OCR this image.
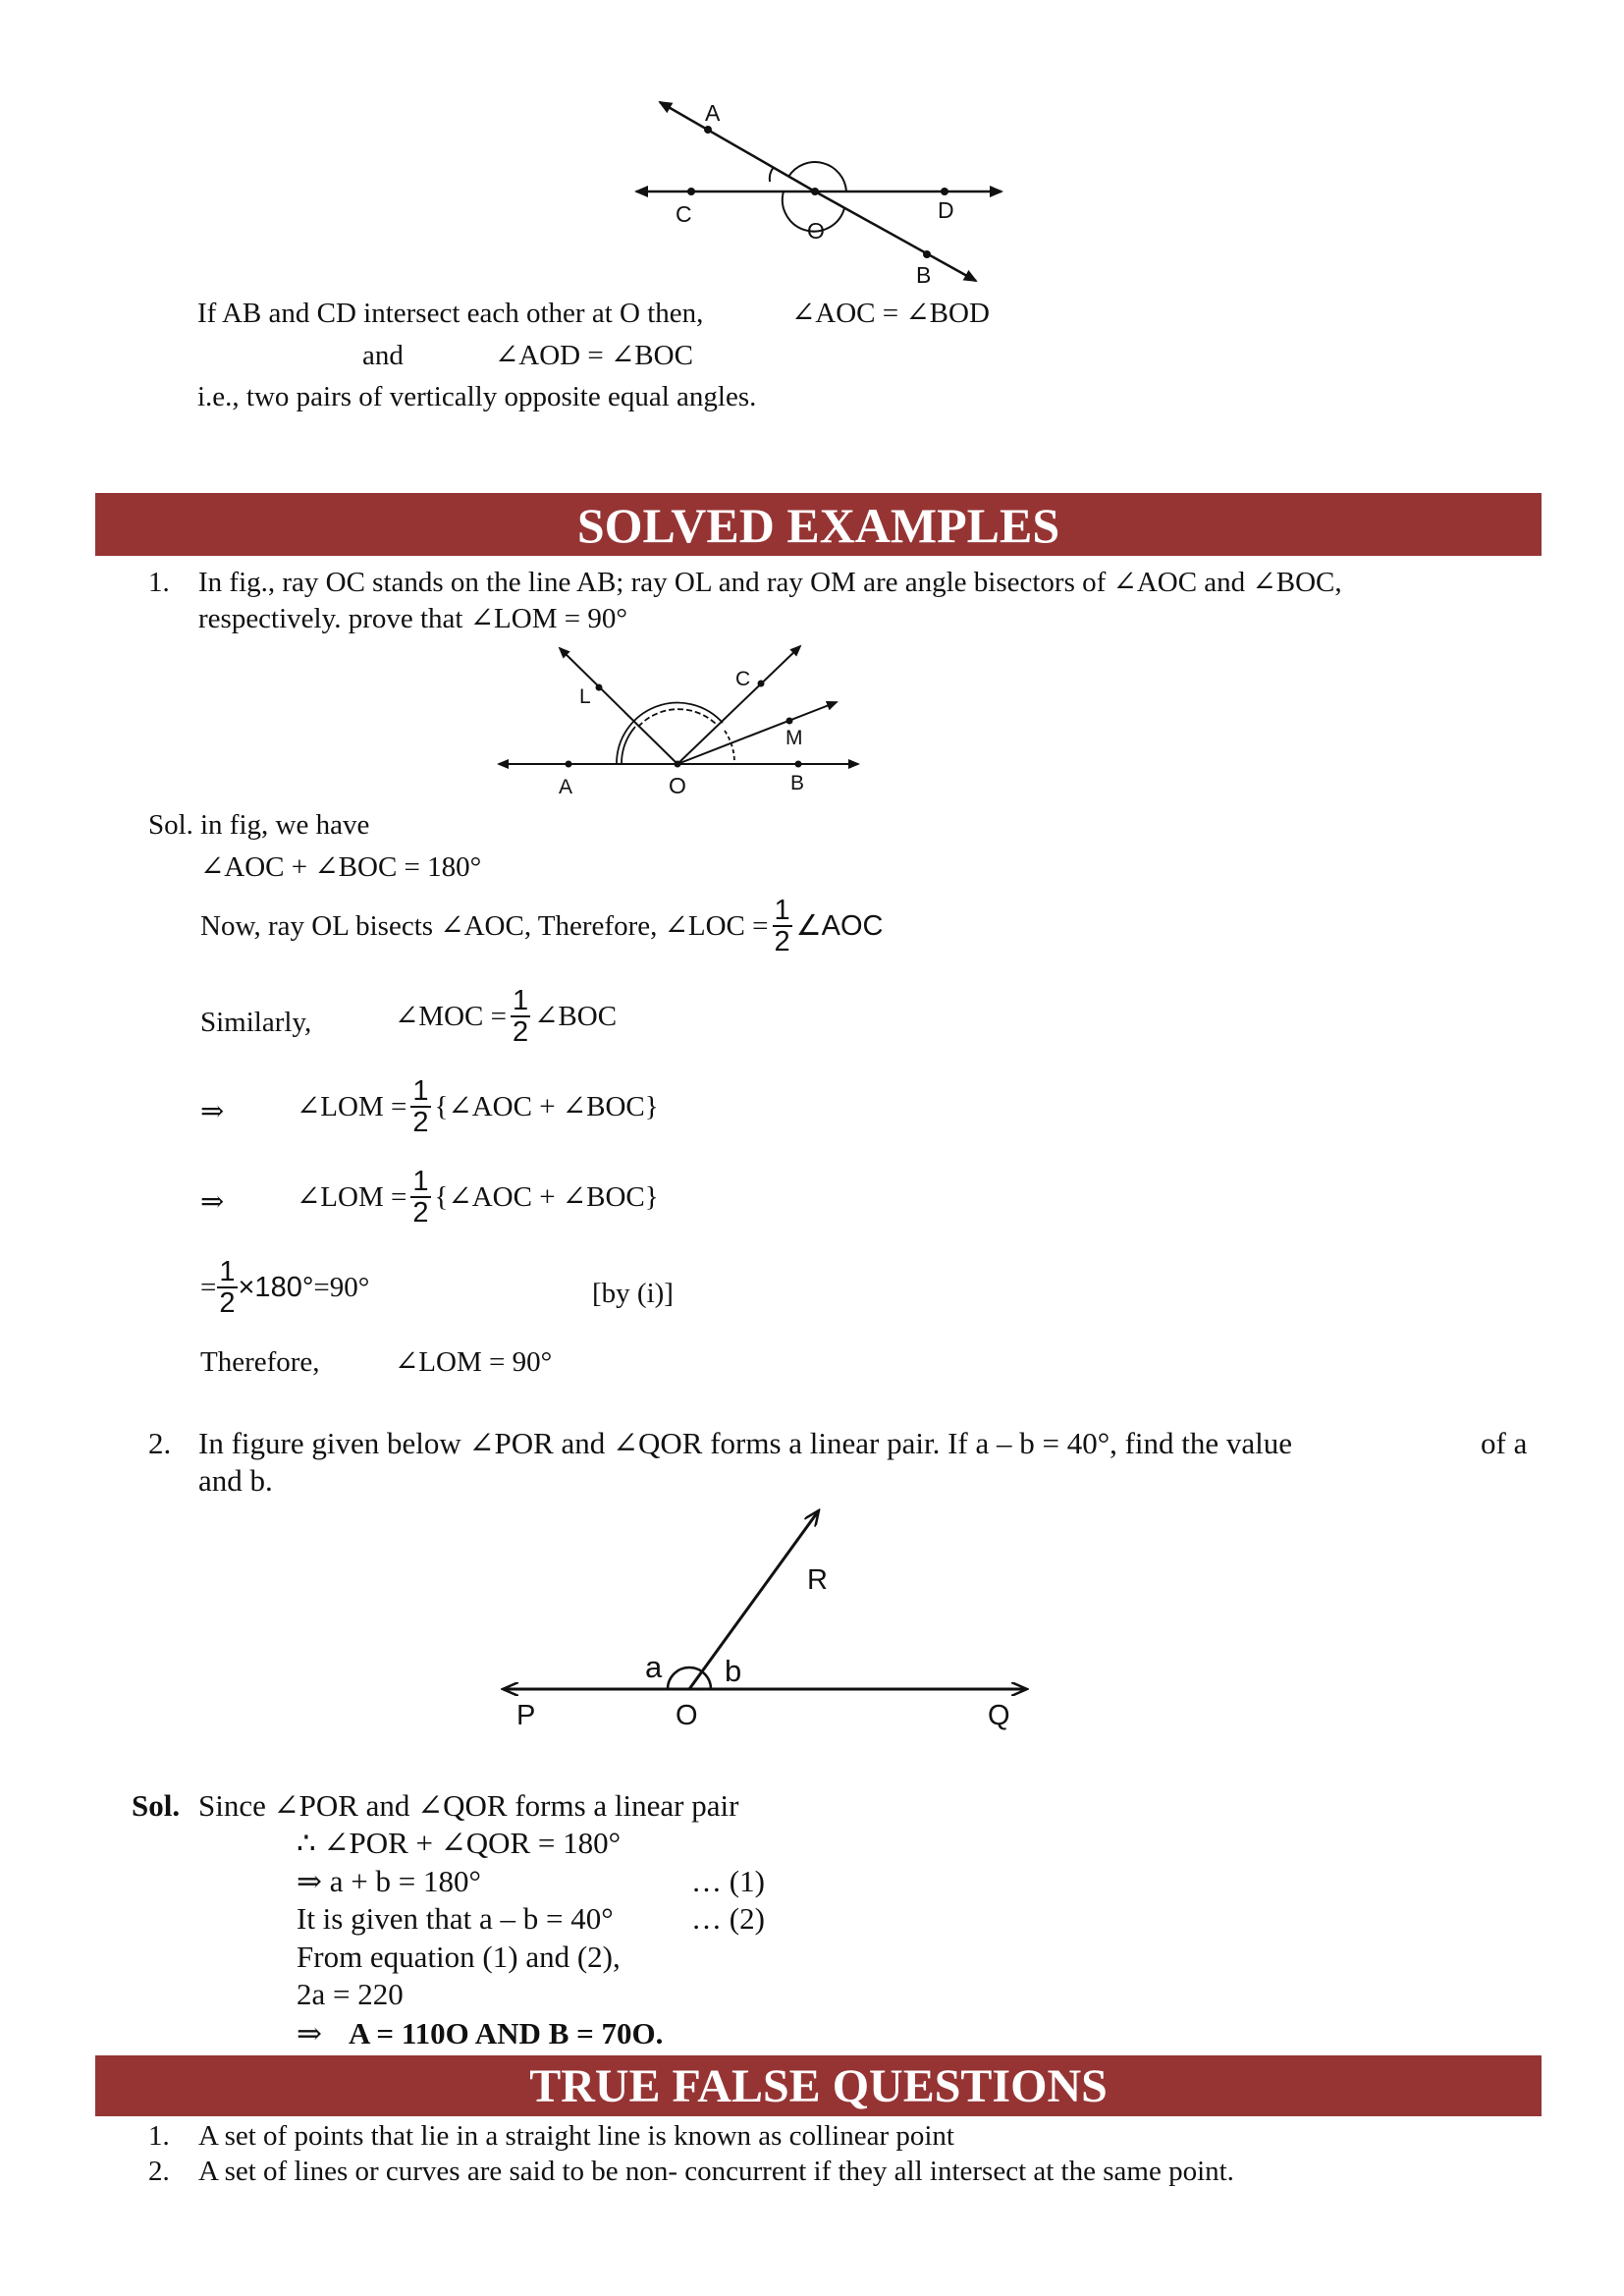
A
C
O
D
B
If AB and CD intersect each other at O then,	∠AOC = ∠BOD
and	∠AOD = ∠BOC
i.e., two pairs of vertically opposite equal angles.
SOLVED EXAMPLES
1. In fig., ray OC stands on the line AB; ray OL and ray OM are angle bisectors of ∠AOC and ∠BOC,
respectively. prove that ∠LOM = 90°
L
C
M
A	O	B
Sol. in fig, we have
∠AOC + ∠BOC = 180°
Now, ray OL bisects ∠AOC, Therefore, ∠LOC = $\frac{1}{2}$ ∠AOC
Similarly,	∠MOC = $\frac{1}{2}$ ∠BOC
⇒	∠LOM = $\frac{1}{2}$ {∠AOC + ∠BOC}
⇒	∠LOM = $\frac{1}{2}$ {∠AOC + ∠BOC}
= $\frac{1}{2} \times 180^\circ =90^\circ$	[by (i)]
Therefore,	∠LOM = 90°
2. In figure given below ∠POR and ∠QOR forms a linear pair. If a – b = 40°, find the value	of a
and b.
R
a b
P	O	Q
Sol. Since ∠POR and ∠QOR forms a linear pair
∴ ∠POR + ∠QOR = 180°
⇒ a + b = 180°	… (1)
It is given that a – b = 40°	… (2)
From equation (1) and (2),
2a = 220
⇒ A = 110O AND B = 70O.
TRUE FALSE QUESTIONS
1. A set of points that lie in a straight line is known as collinear point
2. A set of lines or curves are said to be non- concurrent if they all intersect at the same point.
